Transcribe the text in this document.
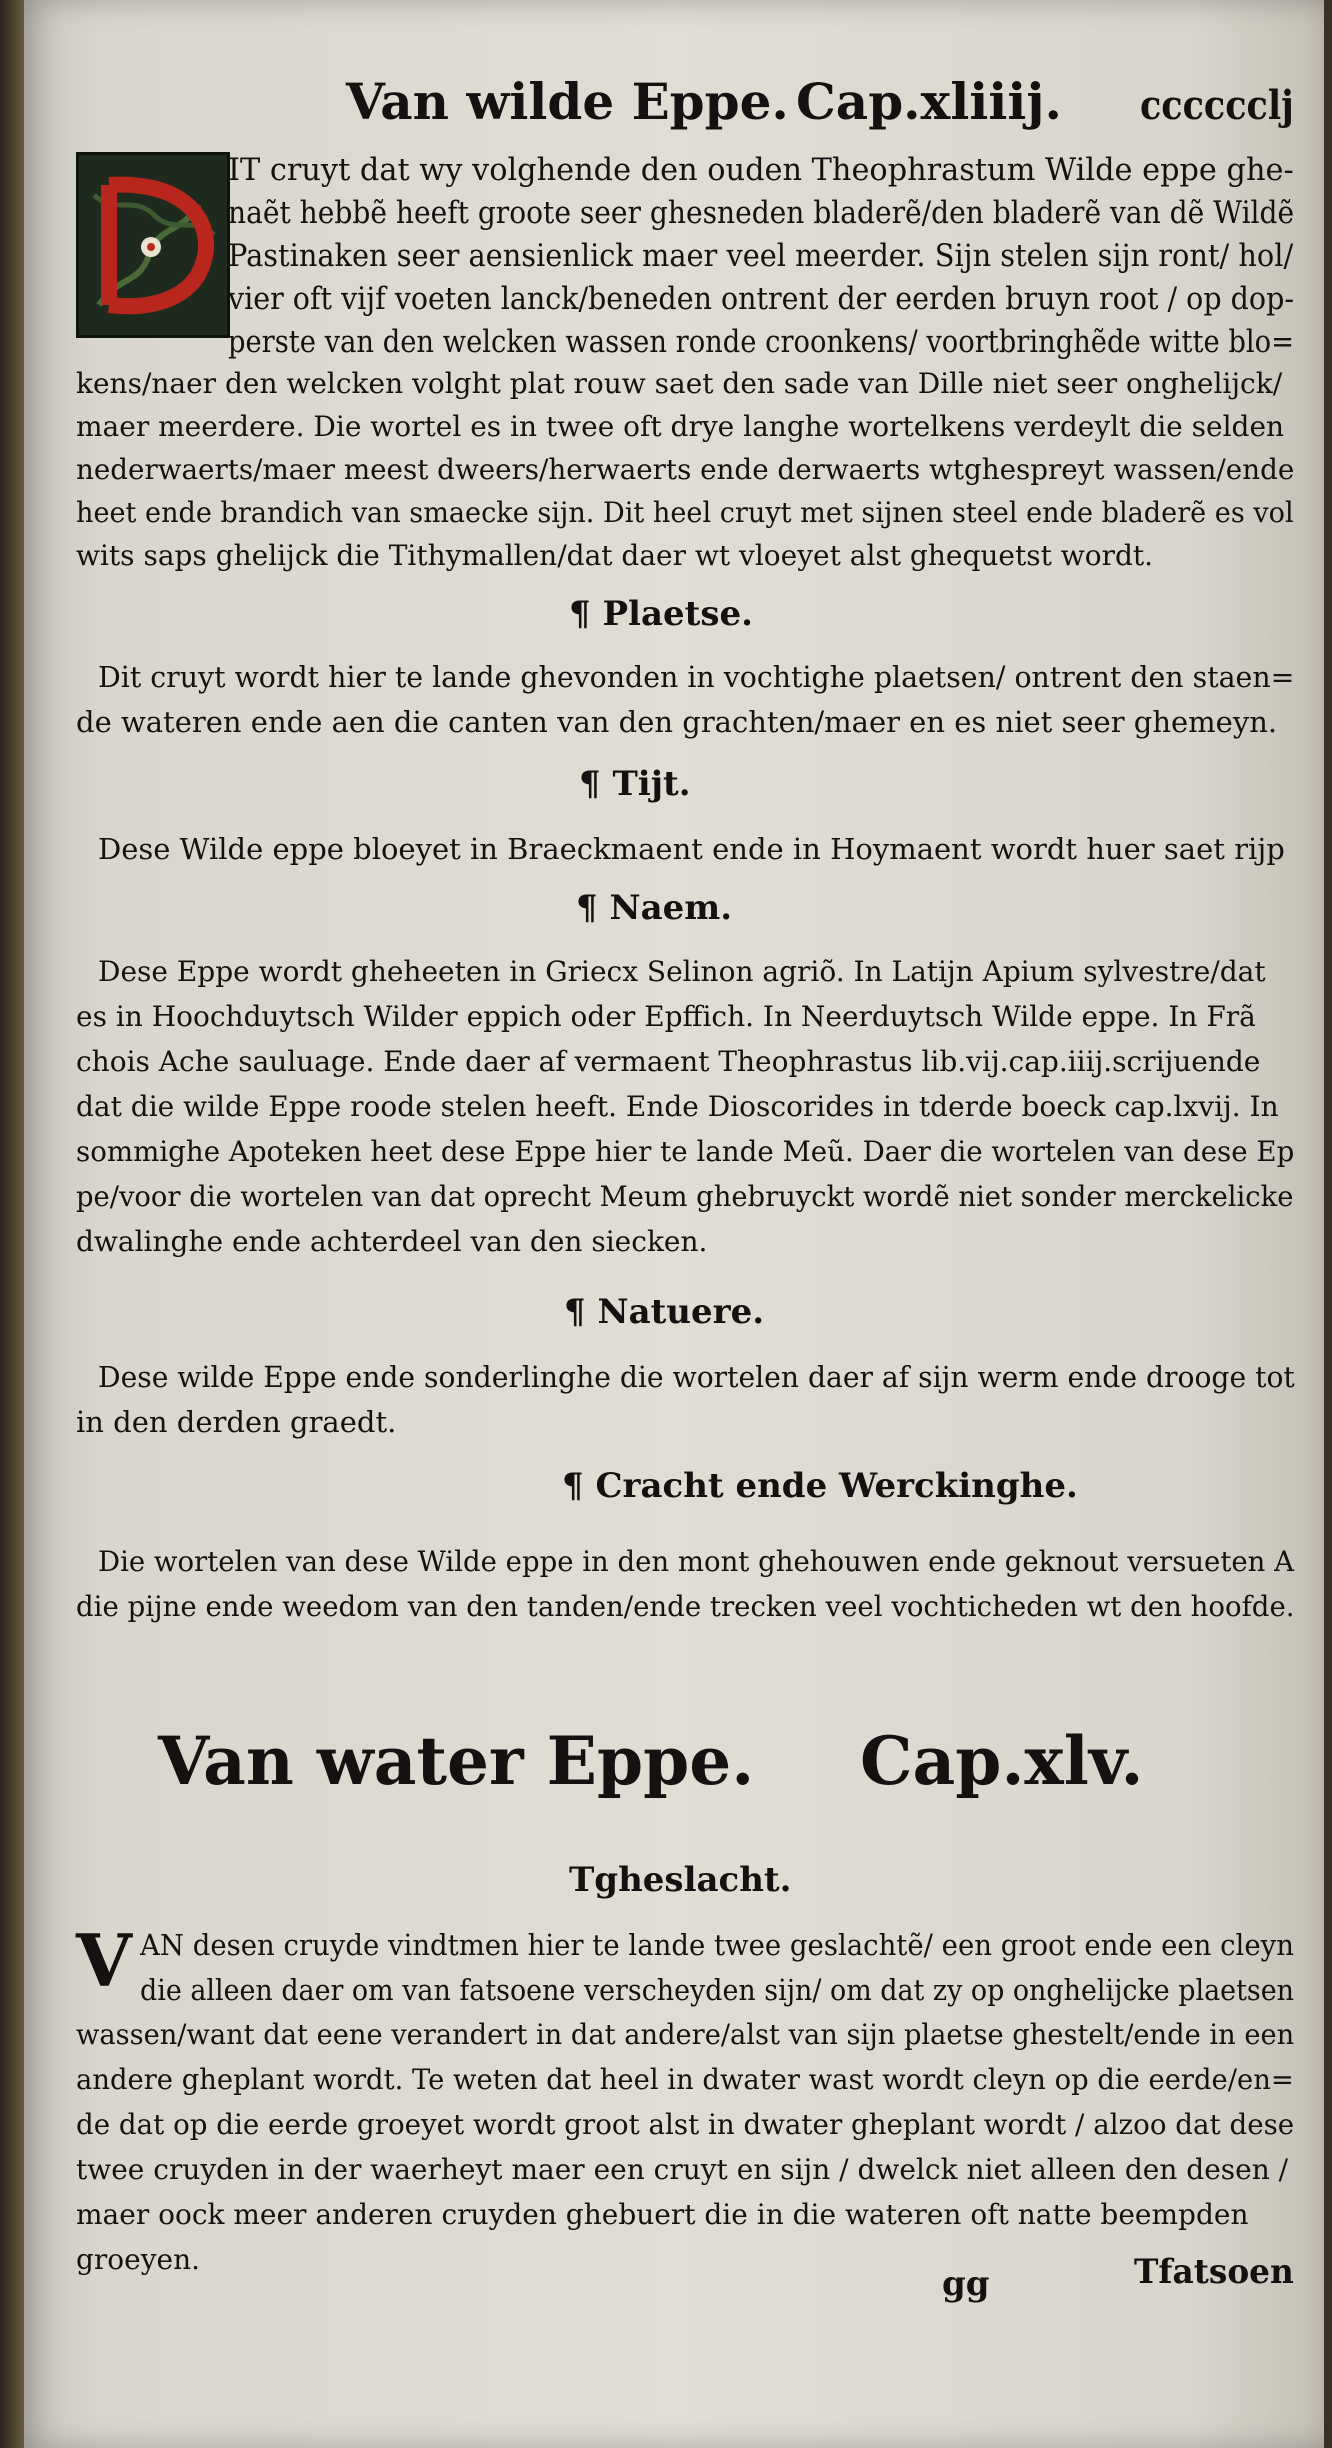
Van wilde Eppe. Cap.xliiij. cccccclj
IT cruyt dat wy volghende den ouden Theophrastum Wilde eppe ghe-
naẽt hebbẽ heeft groote seer ghesneden bladerẽ/den bladerẽ van dẽ Wildẽ
Pastinaken seer aensienlick maer veel meerder. Sijn stelen sijn ront/ hol/
vier oft vijf voeten lanck/beneden ontrent der eerden bruyn root / op dop-
perste van den welcken wassen ronde croonkens/ voortbringhẽde witte blo=
kens/naer den welcken volght plat rouw saet den sade van Dille niet seer onghelijck/
maer meerdere. Die wortel es in twee oft drye langhe wortelkens verdeylt die selden
nederwaerts/maer meest dweers/herwaerts ende derwaerts wtghespreyt wassen/ende
heet ende brandich van smaecke sijn. Dit heel cruyt met sijnen steel ende bladerẽ es vol
wits saps ghelijck die Tithymallen/dat daer wt vloeyet alst ghequetst wordt.
¶ Plaetse.
Dit cruyt wordt hier te lande ghevonden in vochtighe plaetsen/ ontrent den staen=
de wateren ende aen die canten van den grachten/maer en es niet seer ghemeyn.
¶ Tijt.
Dese Wilde eppe bloeyet in Braeckmaent ende in Hoymaent wordt huer saet rijp
¶ Naem.
Dese Eppe wordt gheheeten in Griecx Selinon agriõ. In Latijn Apium sylvestre/dat
es in Hoochduytsch Wilder eppich oder Epffich. In Neerduytsch Wilde eppe. In Frã
chois Ache sauluage. Ende daer af vermaent Theophrastus lib.vij.cap.iiij.scrijuende
dat die wilde Eppe roode stelen heeft. Ende Dioscorides in tderde boeck cap.lxvij. In
sommighe Apoteken heet dese Eppe hier te lande Meũ. Daer die wortelen van dese Ep
pe/voor die wortelen van dat oprecht Meum ghebruyckt wordẽ niet sonder merckelicke
dwalinghe ende achterdeel van den siecken.
¶ Natuere.
Dese wilde Eppe ende sonderlinghe die wortelen daer af sijn werm ende drooge tot
in den derden graedt.
¶ Cracht ende Werckinghe.
Die wortelen van dese Wilde eppe in den mont ghehouwen ende geknout versueten A
die pijne ende weedom van den tanden/ende trecken veel vochticheden wt den hoofde.
Van water Eppe. Cap.xlv.
Tgheslacht.
V AN desen cruyde vindtmen hier te lande twee geslachtẽ/ een groot ende een cleyn
die alleen daer om van fatsoene verscheyden sijn/ om dat zy op onghelijcke plaetsen
wassen/want dat eene verandert in dat andere/alst van sijn plaetse ghestelt/ende in een
andere gheplant wordt. Te weten dat heel in dwater wast wordt cleyn op die eerde/en=
de dat op die eerde groeyet wordt groot alst in dwater gheplant wordt / alzoo dat dese
twee cruyden in der waerheyt maer een cruyt en sijn / dwelck niet alleen den desen /
maer oock meer anderen cruyden ghebuert die in die wateren oft natte beempden
groeyen.
gg	Tfatsoen
